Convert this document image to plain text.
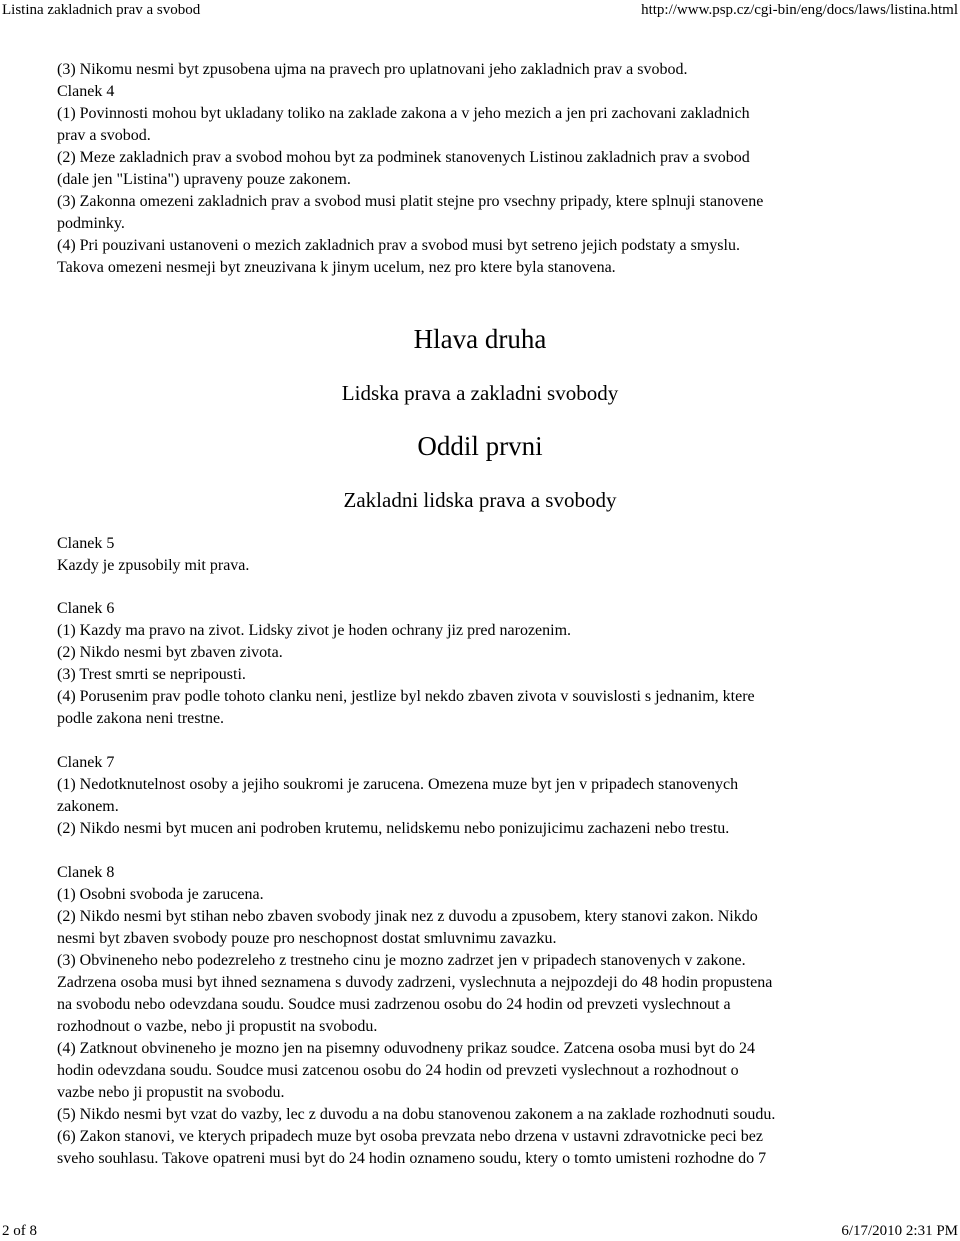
Listina zakladnich prav a svobod	http://www.psp.cz/cgi-bin/eng/docs/laws/listina.html
(3) Nikomu nesmi byt zpusobena ujma na pravech pro uplatnovani jeho zakladnich prav a svobod.
Clanek 4
(1) Povinnosti mohou byt ukladany toliko na zaklade zakona a v jeho mezich a jen pri zachovani zakladnich
prav a svobod.
(2) Meze zakladnich prav a svobod mohou byt za podminek stanovenych Listinou zakladnich prav a svobod
(dale jen "Listina") upraveny pouze zakonem.
(3) Zakonna omezeni zakladnich prav a svobod musi platit stejne pro vsechny pripady, ktere splnuji stanovene
podminky.
(4) Pri pouzivani ustanoveni o mezich zakladnich prav a svobod musi byt setreno jejich podstaty a smyslu.
Takova omezeni nesmeji byt zneuzivana k jinym ucelum, nez pro ktere byla stanovena.
Hlava druha
Lidska prava a zakladni svobody
Oddil prvni
Zakladni lidska prava a svobody
Clanek 5
Kazdy je zpusobily mit prava.
Clanek 6
(1) Kazdy ma pravo na zivot. Lidsky zivot je hoden ochrany jiz pred narozenim.
(2) Nikdo nesmi byt zbaven zivota.
(3) Trest smrti se nepripousti.
(4) Porusenim prav podle tohoto clanku neni, jestlize byl nekdo zbaven zivota v souvislosti s jednanim, ktere
podle zakona neni trestne.
Clanek 7
(1) Nedotknutelnost osoby a jejiho soukromi je zarucena. Omezena muze byt jen v pripadech stanovenych
zakonem.
(2) Nikdo nesmi byt mucen ani podroben krutemu, nelidskemu nebo ponizujicimu zachazeni nebo trestu.
Clanek 8
(1) Osobni svoboda je zarucena.
(2) Nikdo nesmi byt stihan nebo zbaven svobody jinak nez z duvodu a zpusobem, ktery stanovi zakon. Nikdo
nesmi byt zbaven svobody pouze pro neschopnost dostat smluvnimu zavazku.
(3) Obvineneho nebo podezreleho z trestneho cinu je mozno zadrzet jen v pripadech stanovenych v zakone.
Zadrzena osoba musi byt ihned seznamena s duvody zadrzeni, vyslechnuta a nejpozdeji do 48 hodin propustena
na svobodu nebo odevzdana soudu. Soudce musi zadrzenou osobu do 24 hodin od prevzeti vyslechnout a
rozhodnout o vazbe, nebo ji propustit na svobodu.
(4) Zatknout obvineneho je mozno jen na pisemny oduvodneny prikaz soudce. Zatcena osoba musi byt do 24
hodin odevzdana soudu. Soudce musi zatcenou osobu do 24 hodin od prevzeti vyslechnout a rozhodnout o
vazbe nebo ji propustit na svobodu.
(5) Nikdo nesmi byt vzat do vazby, lec z duvodu a na dobu stanovenou zakonem a na zaklade rozhodnuti soudu.
(6) Zakon stanovi, ve kterych pripadech muze byt osoba prevzata nebo drzena v ustavni zdravotnicke peci bez
sveho souhlasu. Takove opatreni musi byt do 24 hodin oznameno soudu, ktery o tomto umisteni rozhodne do 7
2 of 8	6/17/2010 2:31 PM
